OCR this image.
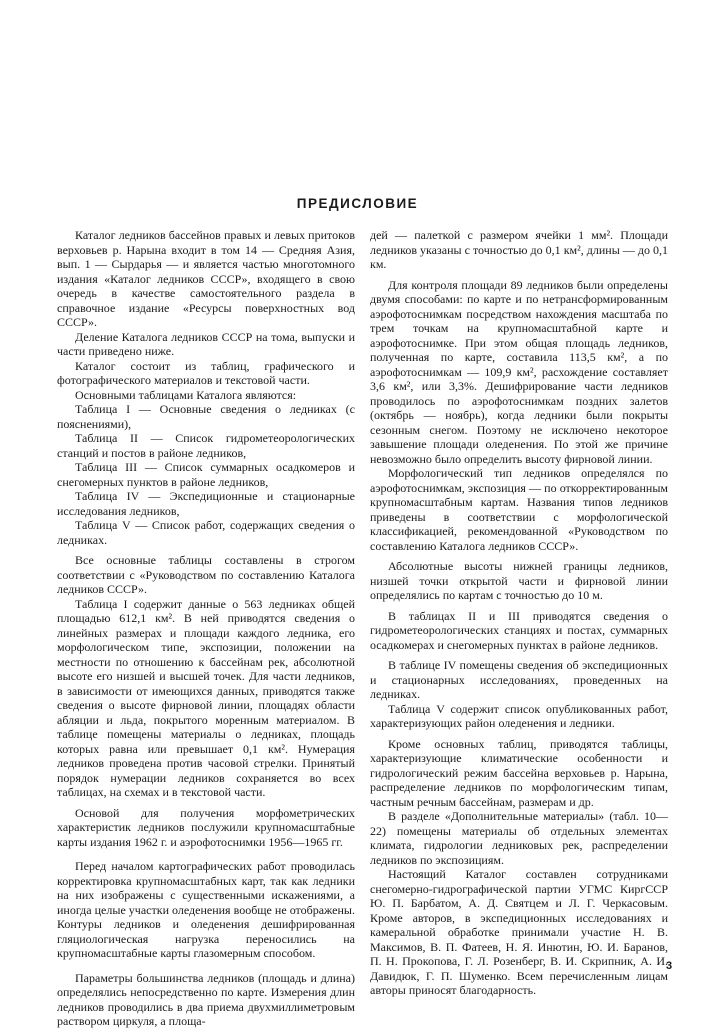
ПРЕДИСЛОВИЕ

Каталог ледников бассейнов правых и левых притоков верховьев р. Нарына входит в том 14 — Средняя Азия, вып. 1 — Сырдарья — и является частью многотомного издания «Каталог ледников СССР», входящего в свою очередь в качестве самостоятельного раздела в справочное издание «Ресурсы поверхностных вод СССР».

Деление Каталога ледников СССР на тома, выпуски и части приведено ниже.

Каталог состоит из таблиц, графического и фотографического материалов и текстовой части.

Основными таблицами Каталога являются:

Таблица I — Основные сведения о ледниках (с пояснениями),

Таблица II — Список гидрометеорологических станций и постов в районе ледников,

Таблица III — Список суммарных осадкомеров и снегомерных пунктов в районе ледников,

Таблица IV — Экспедиционные и стационарные исследования ледников,

Таблица V — Список работ, содержащих сведения о ледниках.

Все основные таблицы составлены в строгом соответствии с «Руководством по составлению Каталога ледников СССР».

Таблица I содержит данные о 563 ледниках общей площадью 612,1 км². В ней приводятся сведения о линейных размерах и площади каждого ледника, его морфологическом типе, экспозиции, положении на местности по отношению к бассейнам рек, абсолютной высоте его низшей и высшей точек. Для части ледников, в зависимости от имеющихся данных, приводятся также сведения о высоте фирновой линии, площадях области абляции и льда, покрытого моренным материалом. В таблице помещены материалы о ледниках, площадь которых равна или превышает 0,1 км². Нумерация ледников проведена против часовой стрелки. Принятый порядок нумерации ледников сохраняется во всех таблицах, на схемах и в текстовой части.

Основой для получения морфометрических характеристик ледников послужили крупномасштабные карты издания 1962 г. и аэрофотоснимки 1956—1965 гг.

Перед началом картографических работ проводилась корректировка крупномасштабных карт, так как ледники на них изображены с существенными искажениями, а иногда целые участки оледенения вообще не отображены. Контуры ледников и оледенения дешифрированная гляциологическая нагрузка переносились на крупномасштабные карты глазомерным способом.

Параметры большинства ледников (площадь и длина) определялись непосредственно по карте. Измерения длин ледников проводились в два приема двухмиллиметровым раствором циркуля, а площа-

дей — палеткой с размером ячейки 1 мм². Площади ледников указаны с точностью до 0,1 км², длины — до 0,1 км.

Для контроля площади 89 ледников были определены двумя способами: по карте и по нетрансформированным аэрофотоснимкам посредством нахождения масштаба по трем точкам на крупномасштабной карте и аэрофотоснимке. При этом общая площадь ледников, полученная по карте, составила 113,5 км², а по аэрофотоснимкам — 109,9 км², расхождение составляет 3,6 км², или 3,3%. Дешифрирование части ледников проводилось по аэрофотоснимкам поздних залетов (октябрь — ноябрь), когда ледники были покрыты сезонным снегом. Поэтому не исключено некоторое завышение площади оледенения. По этой же причине невозможно было определить высоту фирновой линии.

Морфологический тип ледников определялся по аэрофотоснимкам, экспозиция — по откорректированным крупномасштабным картам. Названия типов ледников приведены в соответствии с морфологической классификацией, рекомендованной «Руководством по составлению Каталога ледников СССР».

Абсолютные высоты нижней границы ледников, низшей точки открытой части и фирновой линии определялись по картам с точностью до 10 м.

В таблицах II и III приводятся сведения о гидрометеорологических станциях и постах, суммарных осадкомерах и снегомерных пунктах в районе ледников.

В таблице IV помещены сведения об экспедиционных и стационарных исследованиях, проведенных на ледниках.

Таблица V содержит список опубликованных работ, характеризующих район оледенения и ледники.

Кроме основных таблиц, приводятся таблицы, характеризующие климатические особенности и гидрологический режим бассейна верховьев р. Нарына, распределение ледников по морфологическим типам, частным речным бассейнам, размерам и др.

В разделе «Дополнительные материалы» (табл. 10—22) помещены материалы об отдельных элементах климата, гидрологии ледниковых рек, распределении ледников по экспозициям.

Настоящий Каталог составлен сотрудниками снегомерно-гидрографической партии УГМС КиргССР Ю. П. Барбатом, А. Д. Святцем и Л. Г. Черкасовым. Кроме авторов, в экспедиционных исследованиях и камеральной обработке принимали участие Н. В. Максимов, В. П. Фатеев, Н. Я. Инютин, Ю. И. Баранов, П. Н. Прокопова, Г. Л. Розенберг, В. И. Скрипник, А. И. Давидюк, Г. П. Шуменко. Всем перечисленным лицам авторы приносят благодарность.

3
